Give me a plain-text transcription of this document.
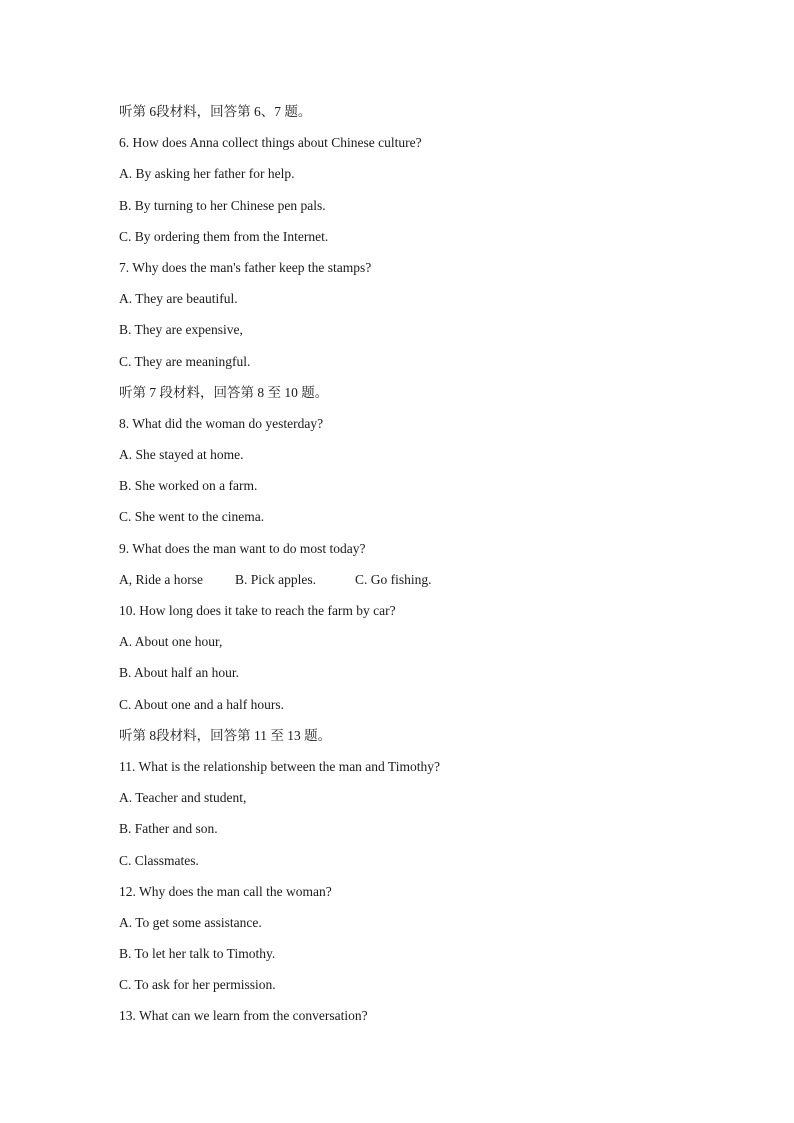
听第 6段材料，回答第 6、7 题。
6. How does Anna collect things about Chinese culture?
A. By asking her father for help.
B. By turning to her Chinese pen pals.
C. By ordering them from the Internet.
7. Why does the man's father keep the stamps?
A. They are beautiful.
B. They are expensive,
C. They are meaningful.
听第 7 段材料，回答第 8 至 10 题。
8. What did the woman do yesterday?
A. She stayed at home.
B. She worked on a farm.
C. She went to the cinema.
9. What does the man want to do most today?
A, Ride a horse B. Pick apples.	C. Go fishing.
10. How long does it take to reach the farm by car?
A. About one hour,
B. About half an hour.
C. About one and a half hours.
听第 8段材料，回答第 11 至 13 题。
11. What is the relationship between the man and Timothy?
A. Teacher and student,
B. Father and son.
C. Classmates.
12. Why does the man call the woman?
A. To get some assistance.
B. To let her talk to Timothy.
C. To ask for her permission.
13. What can we learn from the conversation?
